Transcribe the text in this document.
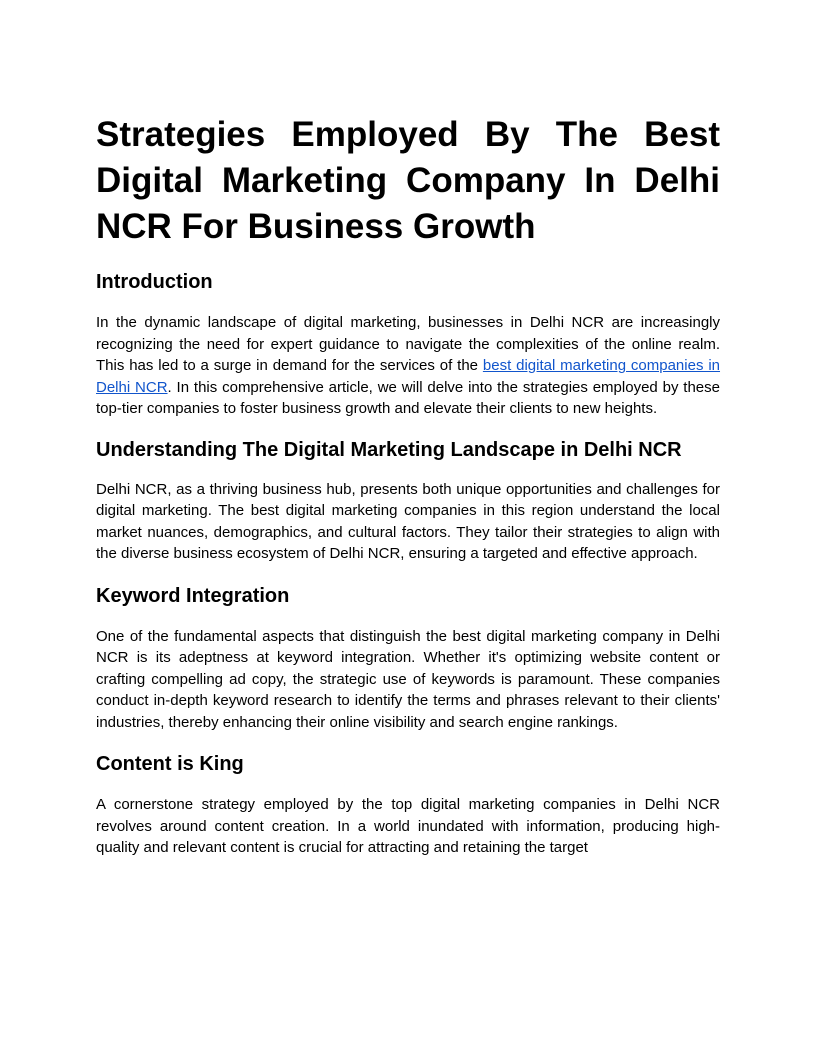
Strategies Employed By The Best Digital Marketing Company In Delhi NCR For Business Growth
Introduction

In the dynamic landscape of digital marketing, businesses in Delhi NCR are increasingly recognizing the need for expert guidance to navigate the complexities of the online realm. This has led to a surge in demand for the services of the best digital marketing companies in Delhi NCR. In this comprehensive article, we will delve into the strategies employed by these top-tier companies to foster business growth and elevate their clients to new heights.

Understanding The Digital Marketing Landscape in Delhi NCR

Delhi NCR, as a thriving business hub, presents both unique opportunities and challenges for digital marketing. The best digital marketing companies in this region understand the local market nuances, demographics, and cultural factors. They tailor their strategies to align with the diverse business ecosystem of Delhi NCR, ensuring a targeted and effective approach.

Keyword Integration

One of the fundamental aspects that distinguish the best digital marketing company in Delhi NCR is its adeptness at keyword integration. Whether it's optimizing website content or crafting compelling ad copy, the strategic use of keywords is paramount. These companies conduct in-depth keyword research to identify the terms and phrases relevant to their clients' industries, thereby enhancing their online visibility and search engine rankings.

Content is King

A cornerstone strategy employed by the top digital marketing companies in Delhi NCR revolves around content creation. In a world inundated with information, producing high-quality and relevant content is crucial for attracting and retaining the target
